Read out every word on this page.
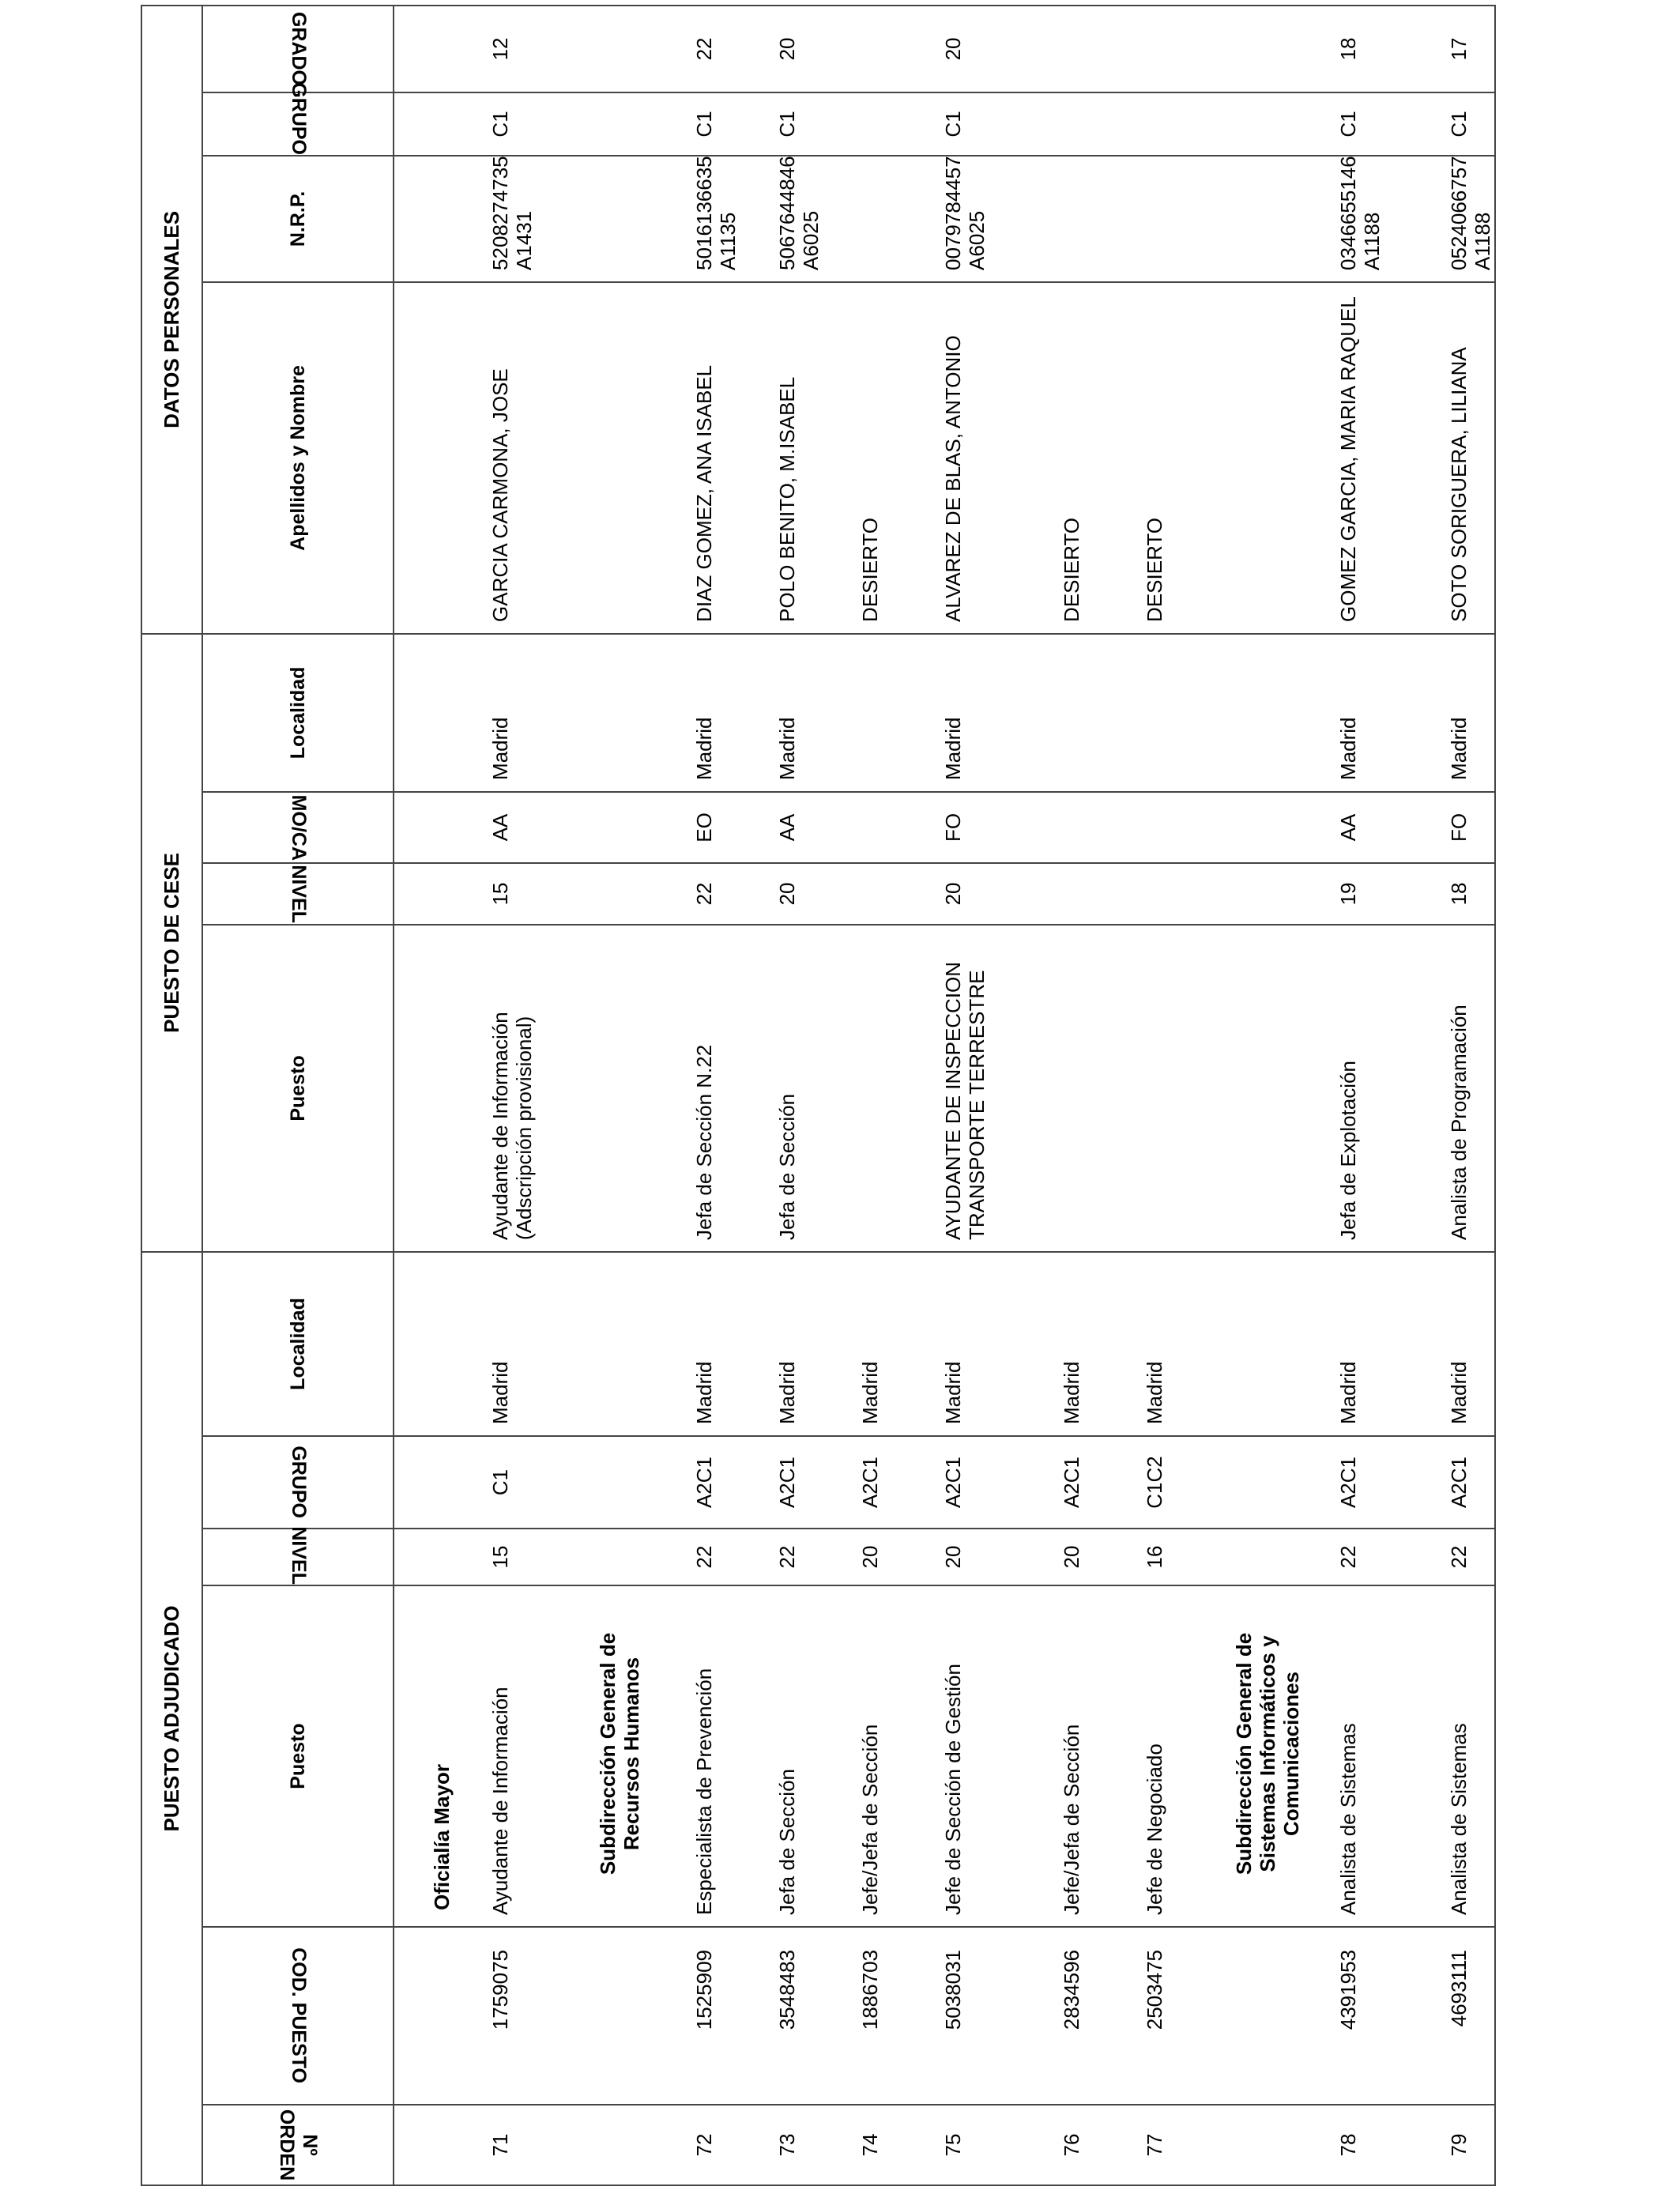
PUESTO ADJUDICADO						PUESTO DE CESE				DATOS PERSONALES			
Nº ORDEN	COD. PUESTO	Puesto	NIVEL	GRUPO	Localidad	Puesto	NIVEL	MO/CA	Localidad	Apellidos y Nombre	N.R.P.	GRUPO	GRADO
		Oficialía Mayor											
71	1759075	Ayudante de Información	15	C1	Madrid	Ayudante de Información (Adscripción provisional)	15	AA	Madrid	GARCIA CARMONA, JOSE	5208274735 A1431	C1	12
		Subdirección General de Recursos Humanos											
72	1525909	Especialista de Prevención	22	A2C1	Madrid	Jefa de Sección N.22	22	EO	Madrid	DIAZ GOMEZ, ANA ISABEL	5016136635 A1135	C1	22
73	3548483	Jefa de Sección	22	A2C1	Madrid	Jefa de Sección	20	AA	Madrid	POLO BENITO, M.ISABEL	5067644846 A6025	C1	20
74	1886703	Jefe/Jefa de Sección	20	A2C1	Madrid					DESIERTO			
75	5038031	Jefe de Sección de Gestión	20	A2C1	Madrid	AYUDANTE DE INSPECCION TRANSPORTE TERRESTRE	20	FO	Madrid	ALVAREZ DE BLAS, ANTONIO	0079784457 A6025	C1	20
76	2834596	Jefe/Jefa de Sección	20	A2C1	Madrid					DESIERTO			
77	2503475	Jefe de Negociado	16	C1C2	Madrid					DESIERTO			
		Subdirección General de Sistemas Informáticos y Comunicaciones											
78	4391953	Analista de Sistemas	22	A2C1	Madrid	Jefa de Explotación	19	AA	Madrid	GOMEZ GARCIA, MARIA RAQUEL	0346655146 A1188	C1	18
79	4693111	Analista de Sistemas	22	A2C1	Madrid	Analista de Programación	18	FO	Madrid	SOTO SORIGUERA, LILIANA	0524066757 A1188	C1	17
